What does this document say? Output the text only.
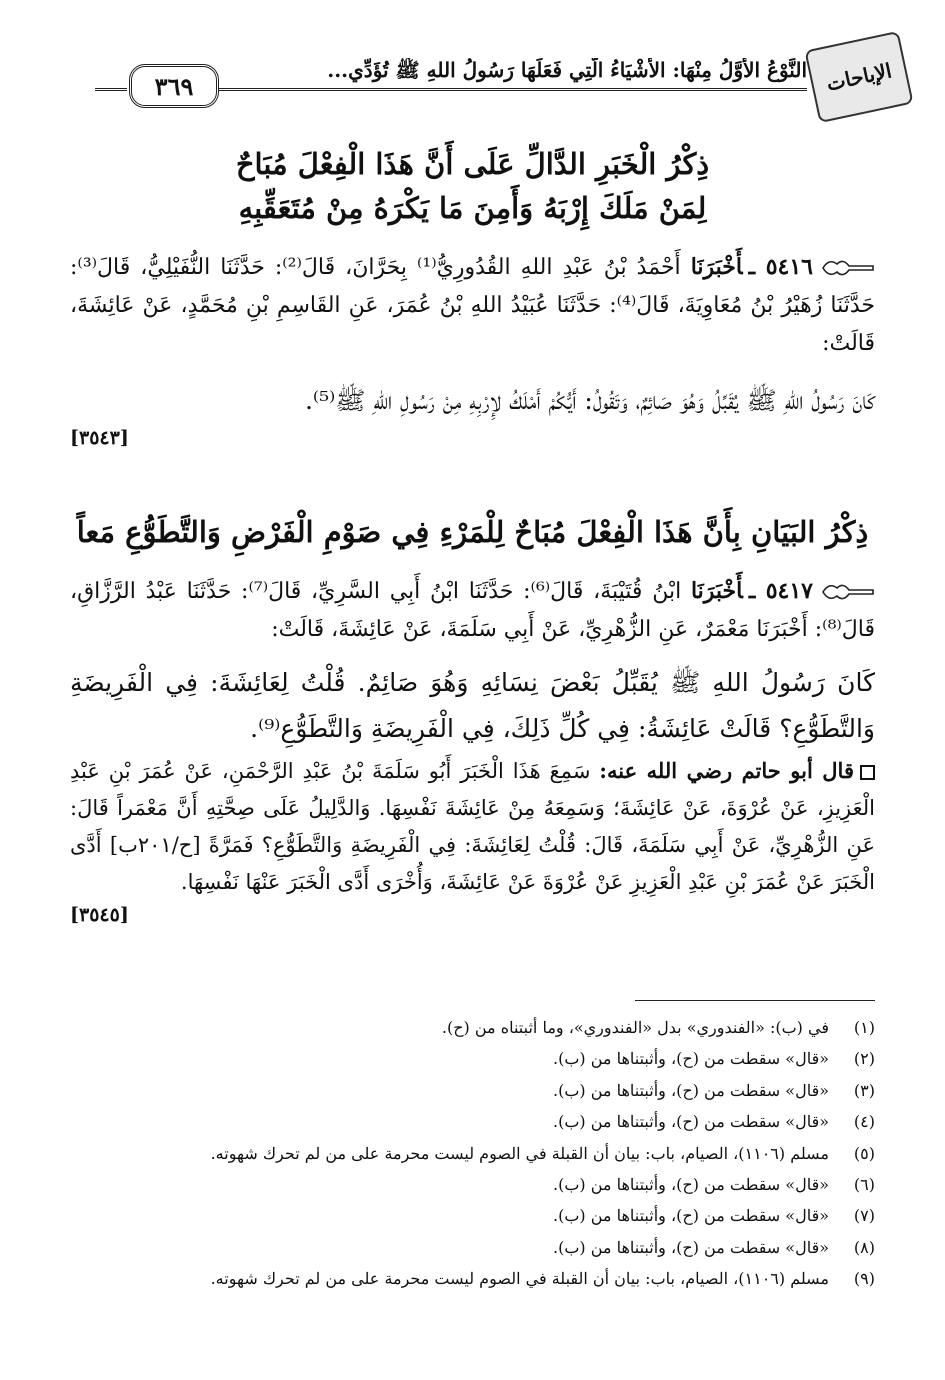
الإباحات
النَّوْعُ الأَوَّلُ مِنْهَا: الأَشْيَاءُ الَّتِي فَعَلَهَا رَسُولُ اللهِ ﷺ تُؤَدِّي...
٣٦٩
ذِكْرُ الْخَبَرِ الدَّالِّ عَلَى أَنَّ هَذَا الْفِعْلَ مُبَاحٌ
لِمَنْ مَلَكَ إِرْبَهُ وَأَمِنَ مَا يَكْرَهُ مِنْ مُتَعَقِّبِهِ
٥٤١٦ ـأَخْبَرَنَا أَحْمَدُ بْنُ عَبْدِ اللهِ القُدُورِيُّ⁽¹⁾ بِحَرَّانَ، قَالَ⁽²⁾: حَدَّثَنَا النُّفَيْلِيُّ، قَالَ⁽³⁾: حَدَّثَنَا زُهَيْرُ بْنُ مُعَاوِيَةَ، قَالَ⁽⁴⁾: حَدَّثَنَا عُبَيْدُ اللهِ بْنُ عُمَرَ، عَنِ القَاسِمِ بْنِ مُحَمَّدٍ، عَنْ عَائِشَةَ، قَالَتْ:
كَانَ رَسُولُ اللهِ ﷺ يُقَبِّلُ وَهُوَ صَائِمٌ، وَتَقُولُ: أَيُّكُمْ أَمْلَكُ لإِرْبِهِ مِنْ رَسُولِ اللهِ ﷺ⁽⁵⁾.
[٣٥٤٣]
ذِكْرُ البَيَانِ بِأَنَّ هَذَا الْفِعْلَ مُبَاحٌ لِلْمَرْءِ فِي صَوْمِ الْفَرْضِ وَالتَّطَوُّعِ مَعاً
٥٤١٧ ـأَخْبَرَنَا ابْنُ قُتَيْبَةَ، قَالَ⁽⁶⁾: حَدَّثَنَا ابْنُ أَبِي السَّرِيِّ، قَالَ⁽⁷⁾: حَدَّثَنَا عَبْدُ الرَّزَّاقِ، قَالَ⁽⁸⁾: أَخْبَرَنَا مَعْمَرٌ، عَنِ الزُّهْرِيِّ، عَنْ أَبِي سَلَمَةَ، عَنْ عَائِشَةَ، قَالَتْ:
كَانَ رَسُولُ اللهِ ﷺ يُقَبِّلُ بَعْضَ نِسَائِهِ وَهُوَ صَائِمٌ. قُلْتُ لِعَائِشَةَ: فِي الْفَرِيضَةِ وَالتَّطَوُّعِ؟ قَالَتْ عَائِشَةُ: فِي كُلِّ ذَلِكَ، فِي الْفَرِيضَةِ وَالتَّطَوُّعِ⁽⁹⁾.
قال أبو حاتم رضي الله عنه: سَمِعَ هَذَا الْخَبَرَ أَبُو سَلَمَةَ بْنُ عَبْدِ الرَّحْمَنِ، عَنْ عُمَرَ بْنِ عَبْدِ الْعَزِيزِ، عَنْ عُرْوَةَ، عَنْ عَائِشَةَ؛ وَسَمِعَهُ مِنْ عَائِشَةَ نَفْسِهَا. وَالدَّلِيلُ عَلَى صِحَّتِهِ أَنَّ مَعْمَراً قَالَ: عَنِ الزُّهْرِيِّ، عَنْ أَبِي سَلَمَةَ، قَالَ: قُلْتُ لِعَائِشَةَ: فِي الْفَرِيضَةِ وَالتَّطَوُّعِ؟ فَمَرَّةً [ح/٢٠١ب] أَدَّى الْخَبَرَ عَنْ عُمَرَ بْنِ عَبْدِ الْعَزِيزِ عَنْ عُرْوَةَ عَنْ عَائِشَةَ، وَأُخْرَى أَدَّى الْخَبَرَ عَنْهَا نَفْسِهَا.
[٣٥٤٥]
(١)
في (ب): «الفندوري» بدل «الفندوري»، وما أثبتناه من (ح).
(٢)
«قال» سقطت من (ح)، وأثبتناها من (ب).
(٣)
«قال» سقطت من (ح)، وأثبتناها من (ب).
(٤)
«قال» سقطت من (ح)، وأثبتناها من (ب).
(٥)
مسلم (١١٠٦)، الصيام، باب: بيان أن القبلة في الصوم ليست محرمة على من لم تحرك شهوته.
(٦)
«قال» سقطت من (ح)، وأثبتناها من (ب).
(٧)
«قال» سقطت من (ح)، وأثبتناها من (ب).
(٨)
«قال» سقطت من (ح)، وأثبتناها من (ب).
(٩)
مسلم (١١٠٦)، الصيام، باب: بيان أن القبلة في الصوم ليست محرمة على من لم تحرك شهوته.
